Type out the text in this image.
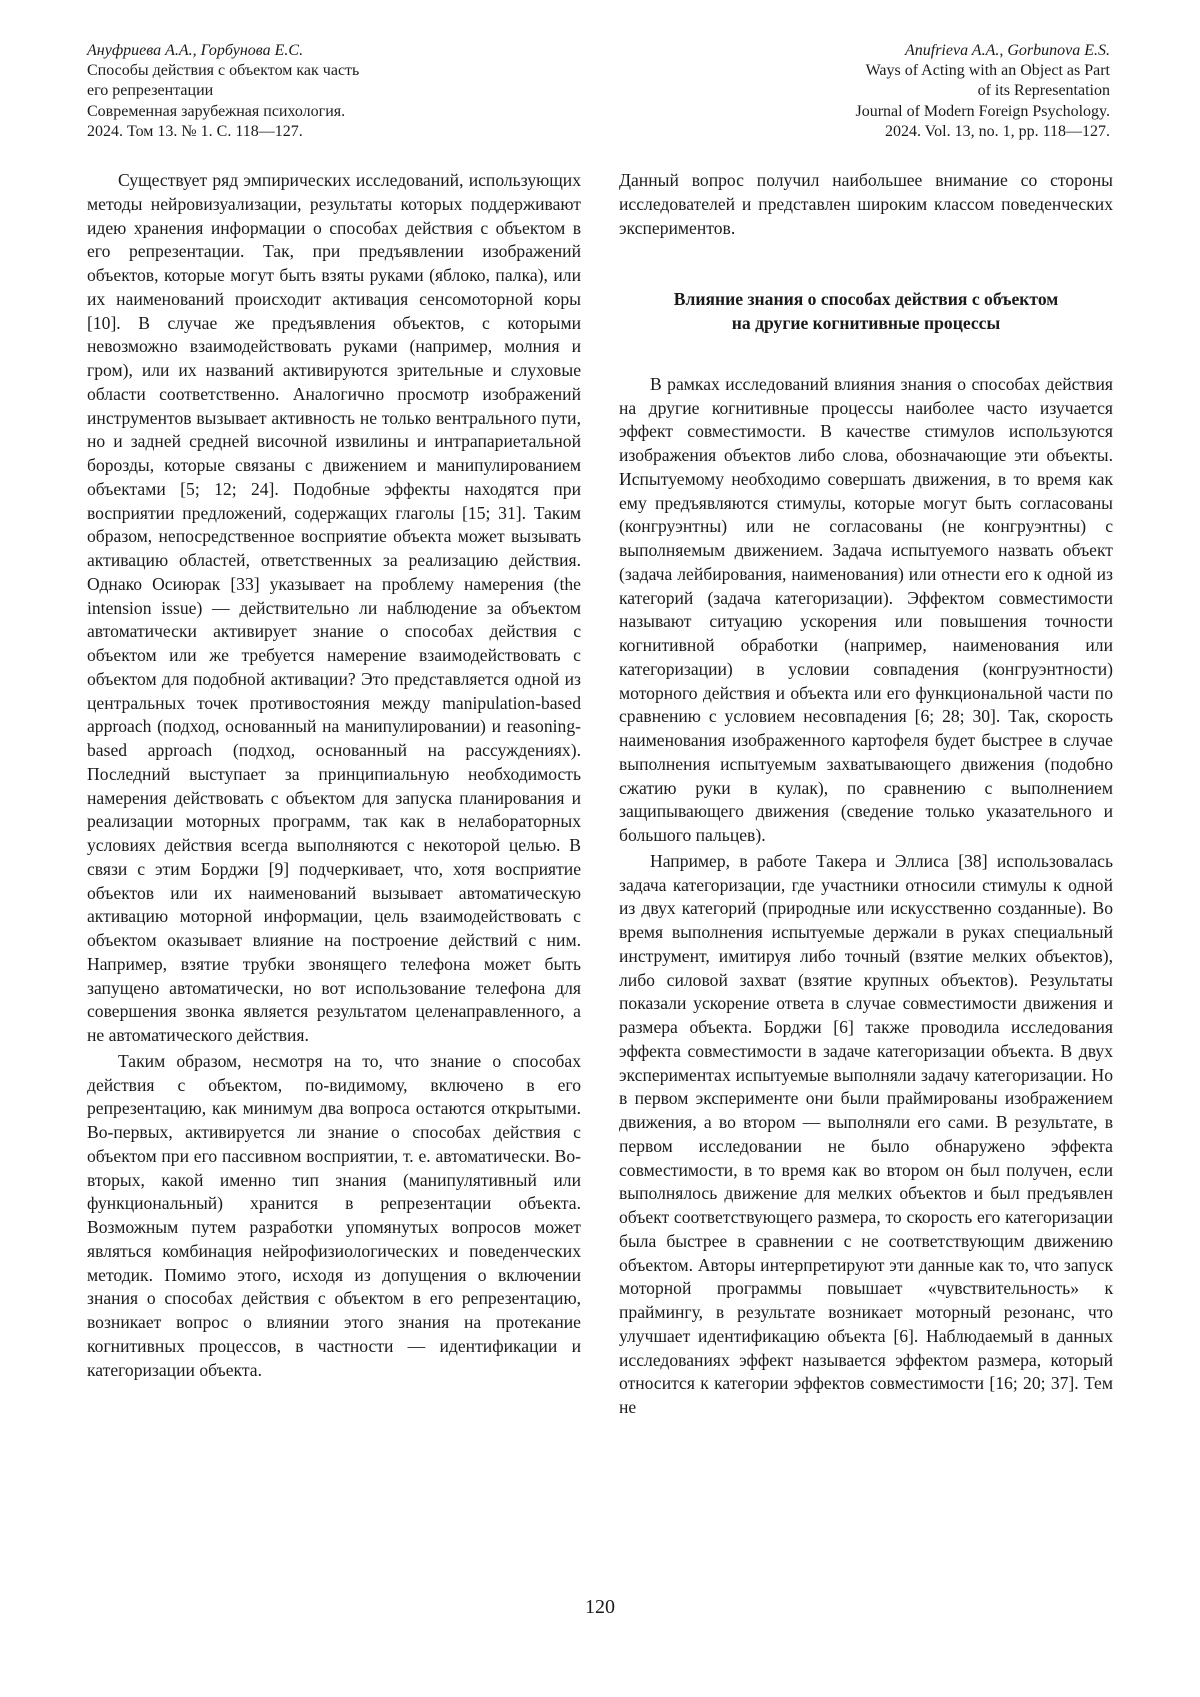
Ануфриева А.А., Горбунова Е.С.
Способы действия с объектом как часть
его репрезентации
Современная зарубежная психология.
2024. Том 13. № 1. С. 118—127.
Anufrieva A.A., Gorbunova E.S.
Ways of Acting with an Object as Part
of its Representation
Journal of Modern Foreign Psychology.
2024. Vol. 13, no. 1, pp. 118—127.

Существует ряд эмпирических исследований, использующих методы нейровизуализации, результаты которых поддерживают идею хранения информации о способах действия с объектом в его репрезентации. Так, при предъявлении изображений объектов, которые могут быть взяты руками (яблоко, палка), или их наименований происходит активация сенсомоторной коры [10]. В случае же предъявления объектов, с которыми невозможно взаимодействовать руками (например, молния и гром), или их названий активируются зрительные и слуховые области соответственно. Аналогично просмотр изображений инструментов вызывает активность не только вентрального пути, но и задней средней височной извилины и интрапариетальной борозды, которые связаны с движением и манипулированием объектами [5; 12; 24]. Подобные эффекты находятся при восприятии предложений, содержащих глаголы [15; 31]. Таким образом, непосредственное восприятие объекта может вызывать активацию областей, ответственных за реализацию действия. Однако Осиюрак [33] указывает на проблему намерения (the intension issue) — действительно ли наблюдение за объектом автоматически активирует знание о способах действия с объектом или же требуется намерение взаимодействовать с объектом для подобной активации? Это представляется одной из центральных точек противостояния между manipulation-based approach (подход, основанный на манипулировании) и reasoning-based approach (подход, основанный на рассуждениях). Последний выступает за принципиальную необходимость намерения действовать с объектом для запуска планирования и реализации моторных программ, так как в нелабораторных условиях действия всегда выполняются с некоторой целью. В связи с этим Борджи [9] подчеркивает, что, хотя восприятие объектов или их наименований вызывает автоматическую активацию моторной информации, цель взаимодействовать с объектом оказывает влияние на построение действий с ним. Например, взятие трубки звонящего телефона может быть запущено автоматически, но вот использование телефона для совершения звонка является результатом целенаправленного, а не автоматического действия.

Таким образом, несмотря на то, что знание о способах действия с объектом, по-видимому, включено в его репрезентацию, как минимум два вопроса остаются открытыми. Во-первых, активируется ли знание о способах действия с объектом при его пассивном восприятии, т. е. автоматически. Во-вторых, какой именно тип знания (манипулятивный или функциональный) хранится в репрезентации объекта. Возможным путем разработки упомянутых вопросов может являться комбинация нейрофизиологических и поведенческих методик. Помимо этого, исходя из допущения о включении знания о способах действия с объектом в его репрезентацию, возникает вопрос о влиянии этого знания на протекание когнитивных процессов, в частности — идентификации и категоризации объекта.

Данный вопрос получил наибольшее внимание со стороны исследователей и представлен широким классом поведенческих экспериментов.

Влияние знания о способах действия с объектом
на другие когнитивные процессы

В рамках исследований влияния знания о способах действия на другие когнитивные процессы наиболее часто изучается эффект совместимости. В качестве стимулов используются изображения объектов либо слова, обозначающие эти объекты. Испытуемому необходимо совершать движения, в то время как ему предъявляются стимулы, которые могут быть согласованы (конгруэнтны) или не согласованы (не конгруэнтны) с выполняемым движением. Задача испытуемого назвать объект (задача лейбирования, наименования) или отнести его к одной из категорий (задача категоризации). Эффектом совместимости называют ситуацию ускорения или повышения точности когнитивной обработки (например, наименования или категоризации) в условии совпадения (конгруэнтности) моторного действия и объекта или его функциональной части по сравнению с условием несовпадения [6; 28; 30]. Так, скорость наименования изображенного картофеля будет быстрее в случае выполнения испытуемым захватывающего движения (подобно сжатию руки в кулак), по сравнению с выполнением защипывающего движения (сведение только указательного и большого пальцев).

Например, в работе Такера и Эллиса [38] использовалась задача категоризации, где участники относили стимулы к одной из двух категорий (природные или искусственно созданные). Во время выполнения испытуемые держали в руках специальный инструмент, имитируя либо точный (взятие мелких объектов), либо силовой захват (взятие крупных объектов). Результаты показали ускорение ответа в случае совместимости движения и размера объекта. Борджи [6] также проводила исследования эффекта совместимости в задаче категоризации объекта. В двух экспериментах испытуемые выполняли задачу категоризации. Но в первом эксперименте они были праймированы изображением движения, а во втором — выполняли его сами. В результате, в первом исследовании не было обнаружено эффекта совместимости, в то время как во втором он был получен, если выполнялось движение для мелких объектов и был предъявлен объект соответствующего размера, то скорость его категоризации была быстрее в сравнении с не соответствующим движению объектом. Авторы интерпретируют эти данные как то, что запуск моторной программы повышает «чувствительность» к праймингу, в результате возникает моторный резонанс, что улучшает идентификацию объекта [6]. Наблюдаемый в данных исследованиях эффект называется эффектом размера, который относится к категории эффектов совместимости [16; 20; 37]. Тем не

120
